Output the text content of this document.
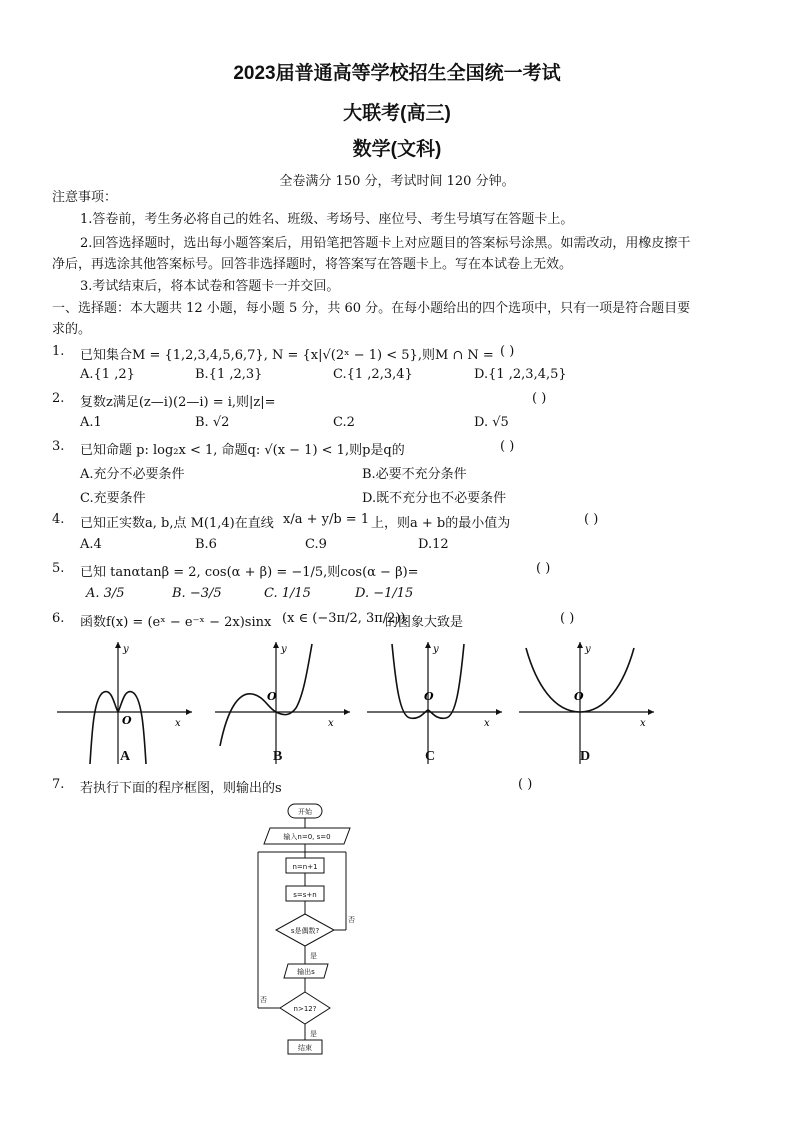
2023届普通高等学校招生全国统一考试
大联考(高三)
数学(文科)
全卷满分 150 分，考试时间 120 分钟。
注意事项：
1.答卷前，考生务必将自己的姓名、班级、考场号、座位号、考生号填写在答题卡上。
2.回答选择题时，选出每小题答案后，用铅笔把答题卡上对应题目的答案标号涂黑。如需改动，用橡皮擦干
净后，再选涂其他答案标号。回答非选择题时，将答案写在答题卡上。写在本试卷上无效。
3.考试结束后，将本试卷和答题卡一并交回。
一、选择题：本大题共 12 小题，每小题 5 分，共 60 分。在每小题给出的四个选项中，只有一项是符合题目要
求的。
1. 已知集合M = {1,2,3,4,5,6,7}, N = {x|√(2ˣ − 1) < 5},则M ∩ N = ( )
A.{1 ,2}	B.{1 ,2,3}	C.{1 ,2,3,4}	D.{1 ,2,3,4,5}
2. 复数z满足(z—i)(2—i) = i,则|z|=	( )
A.1	B. √2	C.2	D. √5
3. 已知命题 p: log₂x < 1, 命题q: √(x − 1) < 1,则p是q的	( )
A.充分不必要条件	B.必要不充分条件
C.充要条件	D.既不充分也不必要条件
4. 已知正实数a, b,点 M(1,4)在直线 x/a + y/b = 1 上，则a + b的最小值为	( )
A.4	B.6	C.9	D.12
5. 已知 tanαtanβ = 2, cos(α + β) = −1/5,则cos(α − β)=	( )
A. 3/5	B. −3/5	C. 1/15	D. −1/15
6. 函数f(x) = (eˣ − e⁻ˣ − 2x)sinx (x ∈ (−3π/2, 3π/2))
的图象大致是	( )
O	x
y
A
O
x
y
B
O
x
y
C
O
x
y
D
7. 若执行下面的程序框图，则输出的s	( )
开始
输入n=0, s=0
n=n+1
s=s+n
s是偶数?
否
是
输出s
n>12?
否
是
结束
